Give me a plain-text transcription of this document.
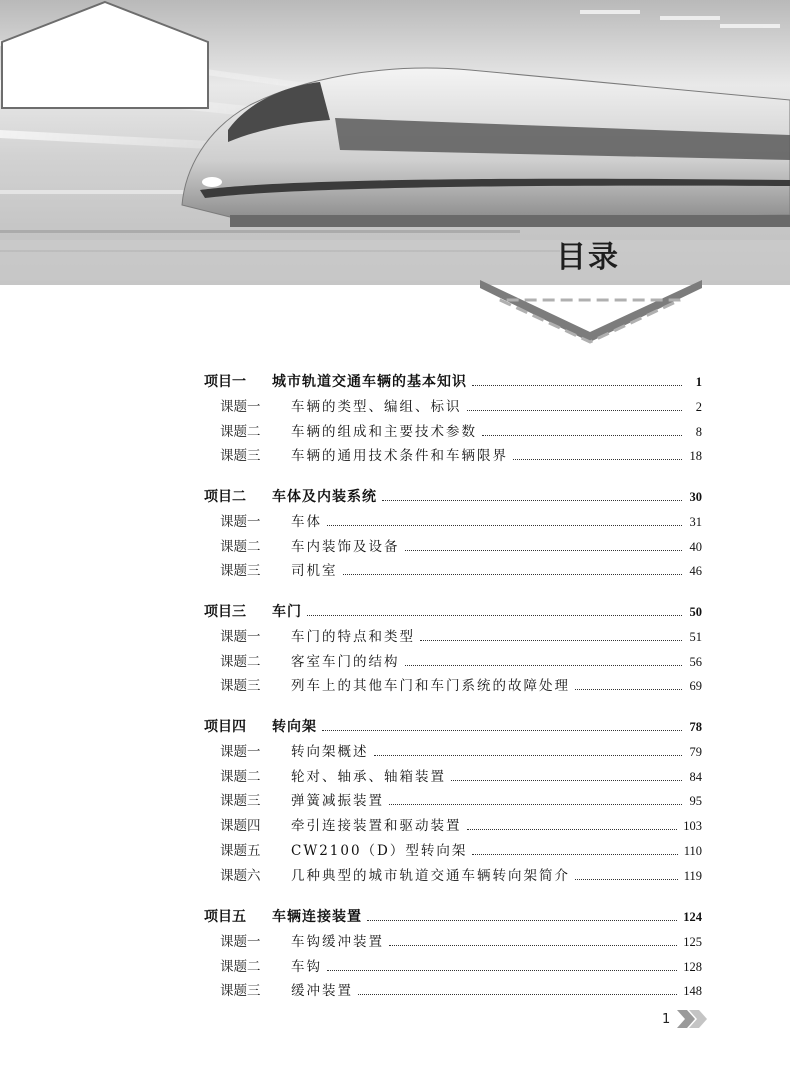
目录
项目一	城市轨道交通车辆的基本知识	1
课题一	车辆的类型、编组、标识	2
课题二	车辆的组成和主要技术参数	8
课题三	车辆的通用技术条件和车辆限界	18
项目二	车体及内装系统	30
课题一	车体	31
课题二	车内装饰及设备	40
课题三	司机室	46
项目三	车门	50
课题一	车门的特点和类型	51
课题二	客室车门的结构	56
课题三	列车上的其他车门和车门系统的故障处理	69
项目四	转向架	78
课题一	转向架概述	79
课题二	轮对、轴承、轴箱装置	84
课题三	弹簧减振装置	95
课题四	牵引连接装置和驱动装置	103
课题五	CW2100（D）型转向架	110
课题六	几种典型的城市轨道交通车辆转向架简介	119
项目五	车辆连接装置	124
课题一	车钩缓冲装置	125
课题二	车钩	128
课题三	缓冲装置	148
1
